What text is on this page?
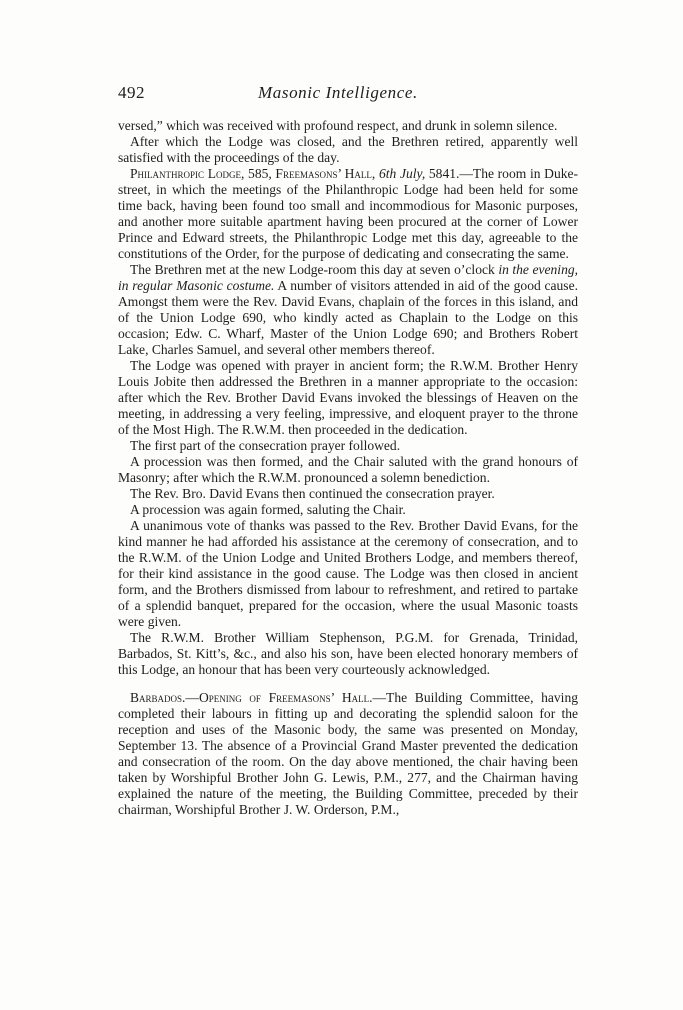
492	Masonic Intelligence.

versed,” which was received with profound respect, and drunk in solemn silence.

After which the Lodge was closed, and the Brethren retired, apparently well satisfied with the proceedings of the day.

Philanthropic Lodge, 585, Freemasons’ Hall, 6th July, 5841.—The room in Duke-street, in which the meetings of the Philanthropic Lodge had been held for some time back, having been found too small and incommodious for Masonic purposes, and another more suitable apartment having been procured at the corner of Lower Prince and Edward streets, the Philanthropic Lodge met this day, agreeable to the constitutions of the Order, for the purpose of dedicating and consecrating the same.

The Brethren met at the new Lodge-room this day at seven o’clock in the evening, in regular Masonic costume. A number of visitors attended in aid of the good cause. Amongst them were the Rev. David Evans, chaplain of the forces in this island, and of the Union Lodge 690, who kindly acted as Chaplain to the Lodge on this occasion; Edw. C. Wharf, Master of the Union Lodge 690; and Brothers Robert Lake, Charles Samuel, and several other members thereof.

The Lodge was opened with prayer in ancient form; the R.W.M. Brother Henry Louis Jobite then addressed the Brethren in a manner appropriate to the occasion: after which the Rev. Brother David Evans invoked the blessings of Heaven on the meeting, in addressing a very feeling, impressive, and eloquent prayer to the throne of the Most High. The R.W.M. then proceeded in the dedication.

The first part of the consecration prayer followed.

A procession was then formed, and the Chair saluted with the grand honours of Masonry; after which the R.W.M. pronounced a solemn benediction.

The Rev. Bro. David Evans then continued the consecration prayer.

A procession was again formed, saluting the Chair.

A unanimous vote of thanks was passed to the Rev. Brother David Evans, for the kind manner he had afforded his assistance at the ceremony of consecration, and to the R.W.M. of the Union Lodge and United Brothers Lodge, and members thereof, for their kind assistance in the good cause. The Lodge was then closed in ancient form, and the Brothers dismissed from labour to refreshment, and retired to partake of a splendid banquet, prepared for the occasion, where the usual Masonic toasts were given.

The R.W.M. Brother William Stephenson, P.G.M. for Grenada, Trinidad, Barbados, St. Kitt’s, &c., and also his son, have been elected honorary members of this Lodge, an honour that has been very courteously acknowledged.

Barbados.—Opening of Freemasons’ Hall.—The Building Committee, having completed their labours in fitting up and decorating the splendid saloon for the reception and uses of the Masonic body, the same was presented on Monday, September 13. The absence of a Provincial Grand Master prevented the dedication and consecration of the room. On the day above mentioned, the chair having been taken by Worshipful Brother John G. Lewis, P.M., 277, and the Chairman having explained the nature of the meeting, the Building Committee, preceded by their chairman, Worshipful Brother J. W. Orderson, P.M.,
